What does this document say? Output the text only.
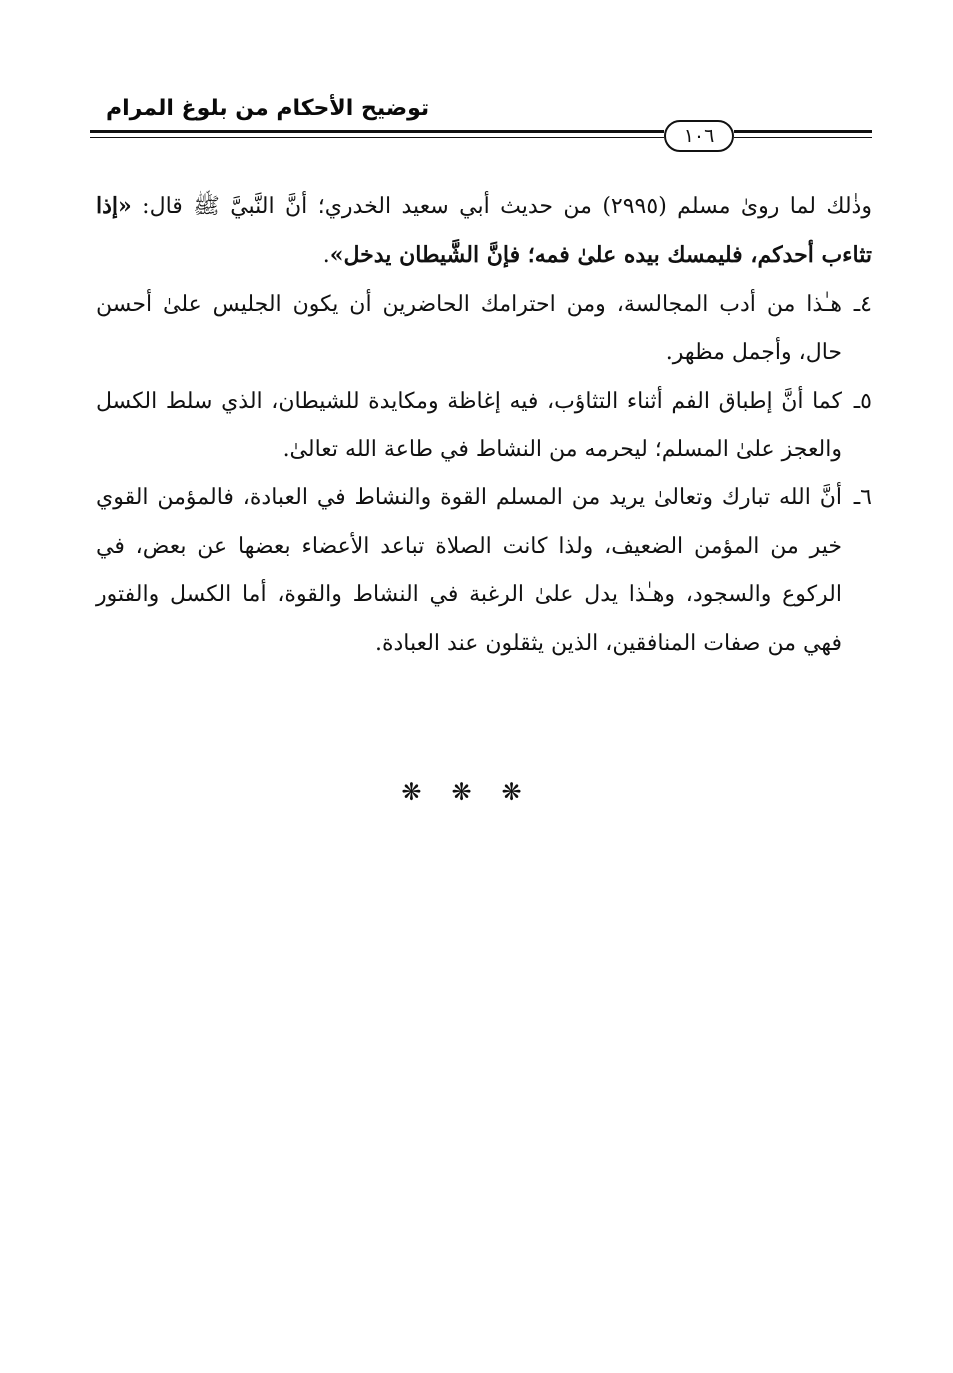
توضيح الأحكام من بلوغ المرام
١٠٦

وذٰلك لما رویٰ مسلم (٢٩٩٥) من حديث أبي سعيد الخدري؛ أنَّ النَّبيَّ ﷺ قال: «إذا تثاءب أحدكم، فليمسك بيده علىٰ فمه؛ فإنَّ الشَّيطان يدخل».

٤ـ
هـٰذا من أدب المجالسة، ومن احترامك الحاضرين أن يكون الجليس علىٰ أحسن حال، وأجمل مظهر.

٥ـ
كما أنَّ إطباق الفم أثناء التثاؤب، فيه إغاظة ومكايدة للشيطان، الذي سلط الكسل والعجز علىٰ المسلم؛ ليحرمه من النشاط في طاعة الله تعالىٰ.

٦ـ
أنَّ الله تبارك وتعالىٰ يريد من المسلم القوة والنشاط في العبادة، فالمؤمن القوي خير من المؤمن الضعيف، ولذا كانت الصلاة تباعد الأعضاء بعضها عن بعض، في الركوع والسجود، وهـٰذا يدل علىٰ الرغبة في النشاط والقوة، أما الكسل والفتور فهي من صفات المنافقين، الذين يثقلون عند العبادة.

❋❋❋
